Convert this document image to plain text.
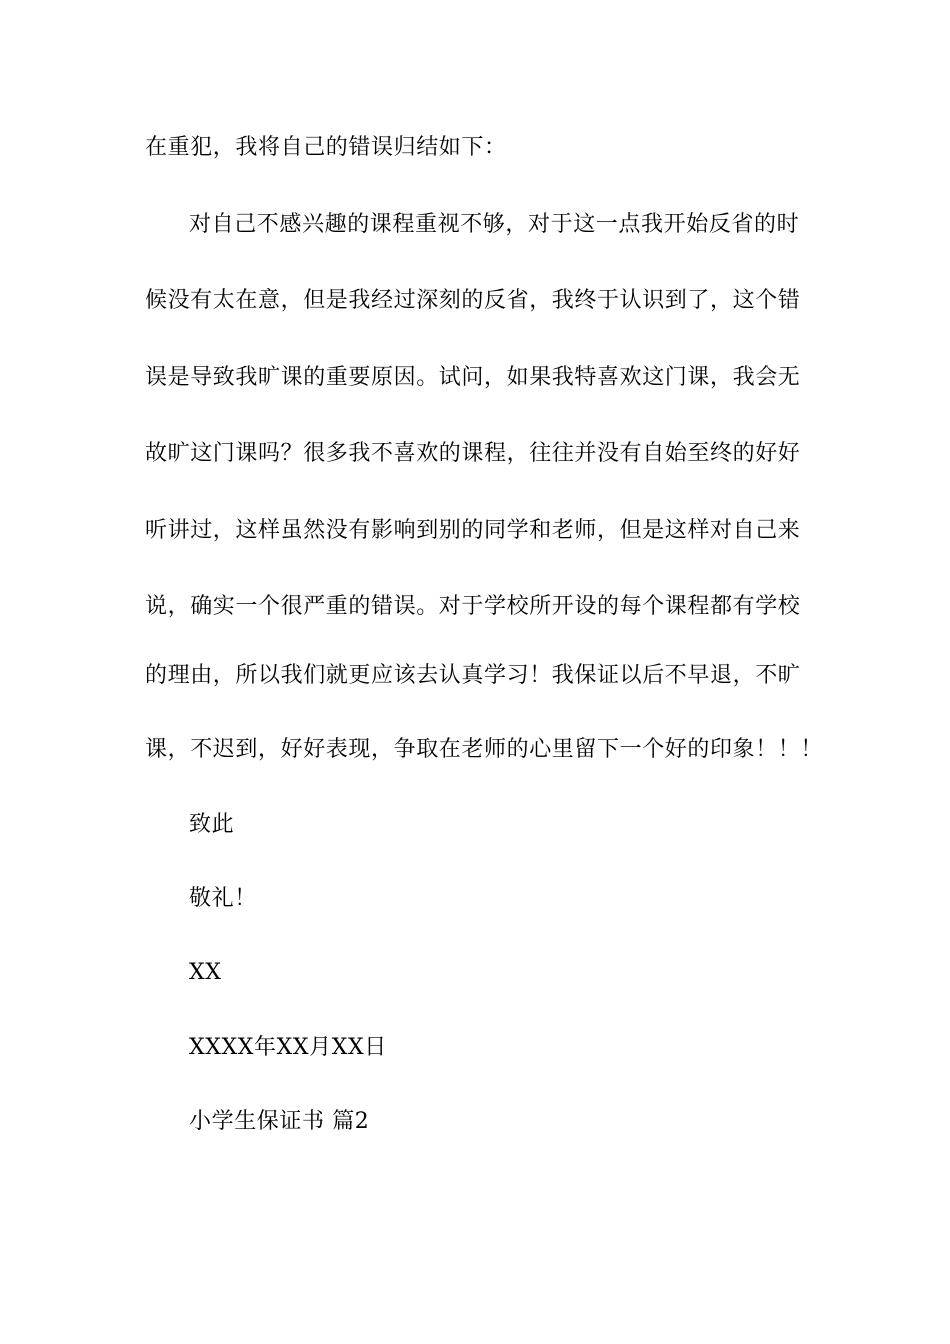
在重犯，我将自己的错误归结如下：
对自己不感兴趣的课程重视不够，对于这一点我开始反省的时
候没有太在意，但是我经过深刻的反省，我终于认识到了，这个错
误是导致我旷课的重要原因。试问，如果我特喜欢这门课，我会无
故旷这门课吗？很多我不喜欢的课程，往往并没有自始至终的好好
听讲过，这样虽然没有影响到别的同学和老师，但是这样对自己来
说，确实一个很严重的错误。对于学校所开设的每个课程都有学校
的理由，所以我们就更应该去认真学习！我保证以后不早退，不旷
课，不迟到，好好表现，争取在老师的心里留下一个好的印象！！！
致此
敬礼！
XX
XXXX年XX月XX日
小学生保证书 篇2
